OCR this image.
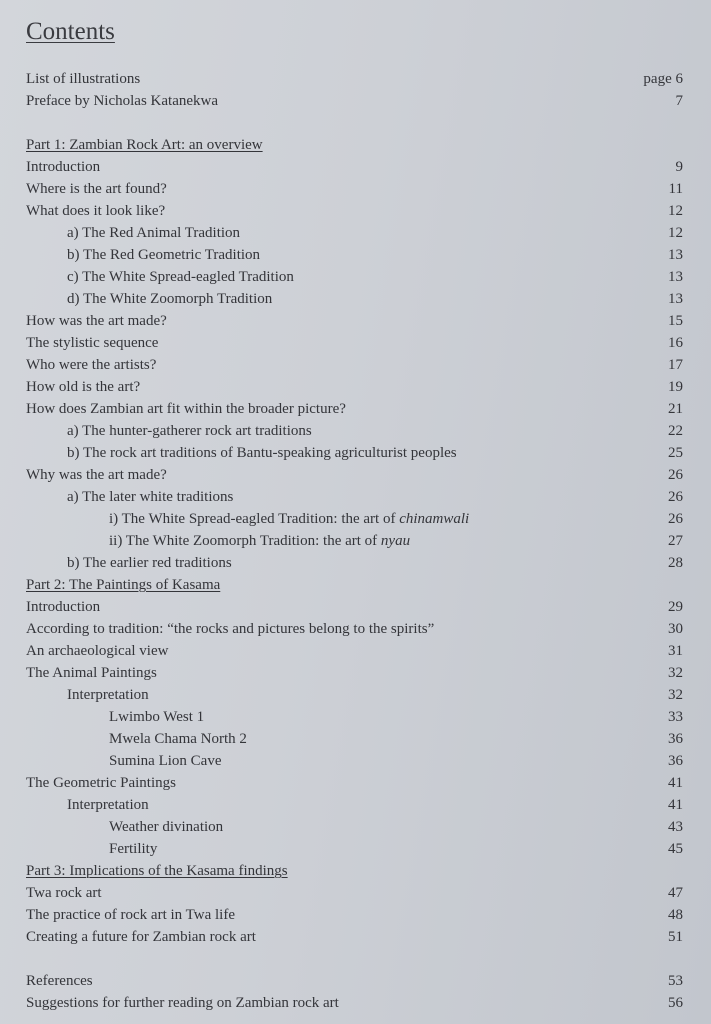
Contents
List of illustrations	page 6
Preface by Nicholas Katanekwa	7
Part 1: Zambian Rock Art: an overview
Introduction	9
Where is the art found?	11
What does it look like?	12
a) The Red Animal Tradition	12
b) The Red Geometric Tradition	13
c) The White Spread-eagled Tradition	13
d) The White Zoomorph Tradition	13
How was the art made?	15
The stylistic sequence	16
Who were the artists?	17
How old is the art?	19
How does Zambian art fit within the broader picture?	21
a) The hunter-gatherer rock art traditions	22
b) The rock art traditions of Bantu-speaking agriculturist peoples	25
Why was the art made?	26
a) The later white traditions	26
i) The White Spread-eagled Tradition: the art of chinamwali	26
ii) The White Zoomorph Tradition: the art of nyau	27
b) The earlier red traditions	28
Part 2: The Paintings of Kasama
Introduction	29
According to tradition: “the rocks and pictures belong to the spirits”	30
An archaeological view	31
The Animal Paintings	32
Interpretation	32
Lwimbo West 1	33
Mwela Chama North 2	36
Sumina Lion Cave	36
The Geometric Paintings	41
Interpretation	41
Weather divination	43
Fertility	45
Part 3: Implications of the Kasama findings
Twa rock art	47
The practice of rock art in Twa life	48
Creating a future for Zambian rock art	51
References	53
Suggestions for further reading on Zambian rock art	56
